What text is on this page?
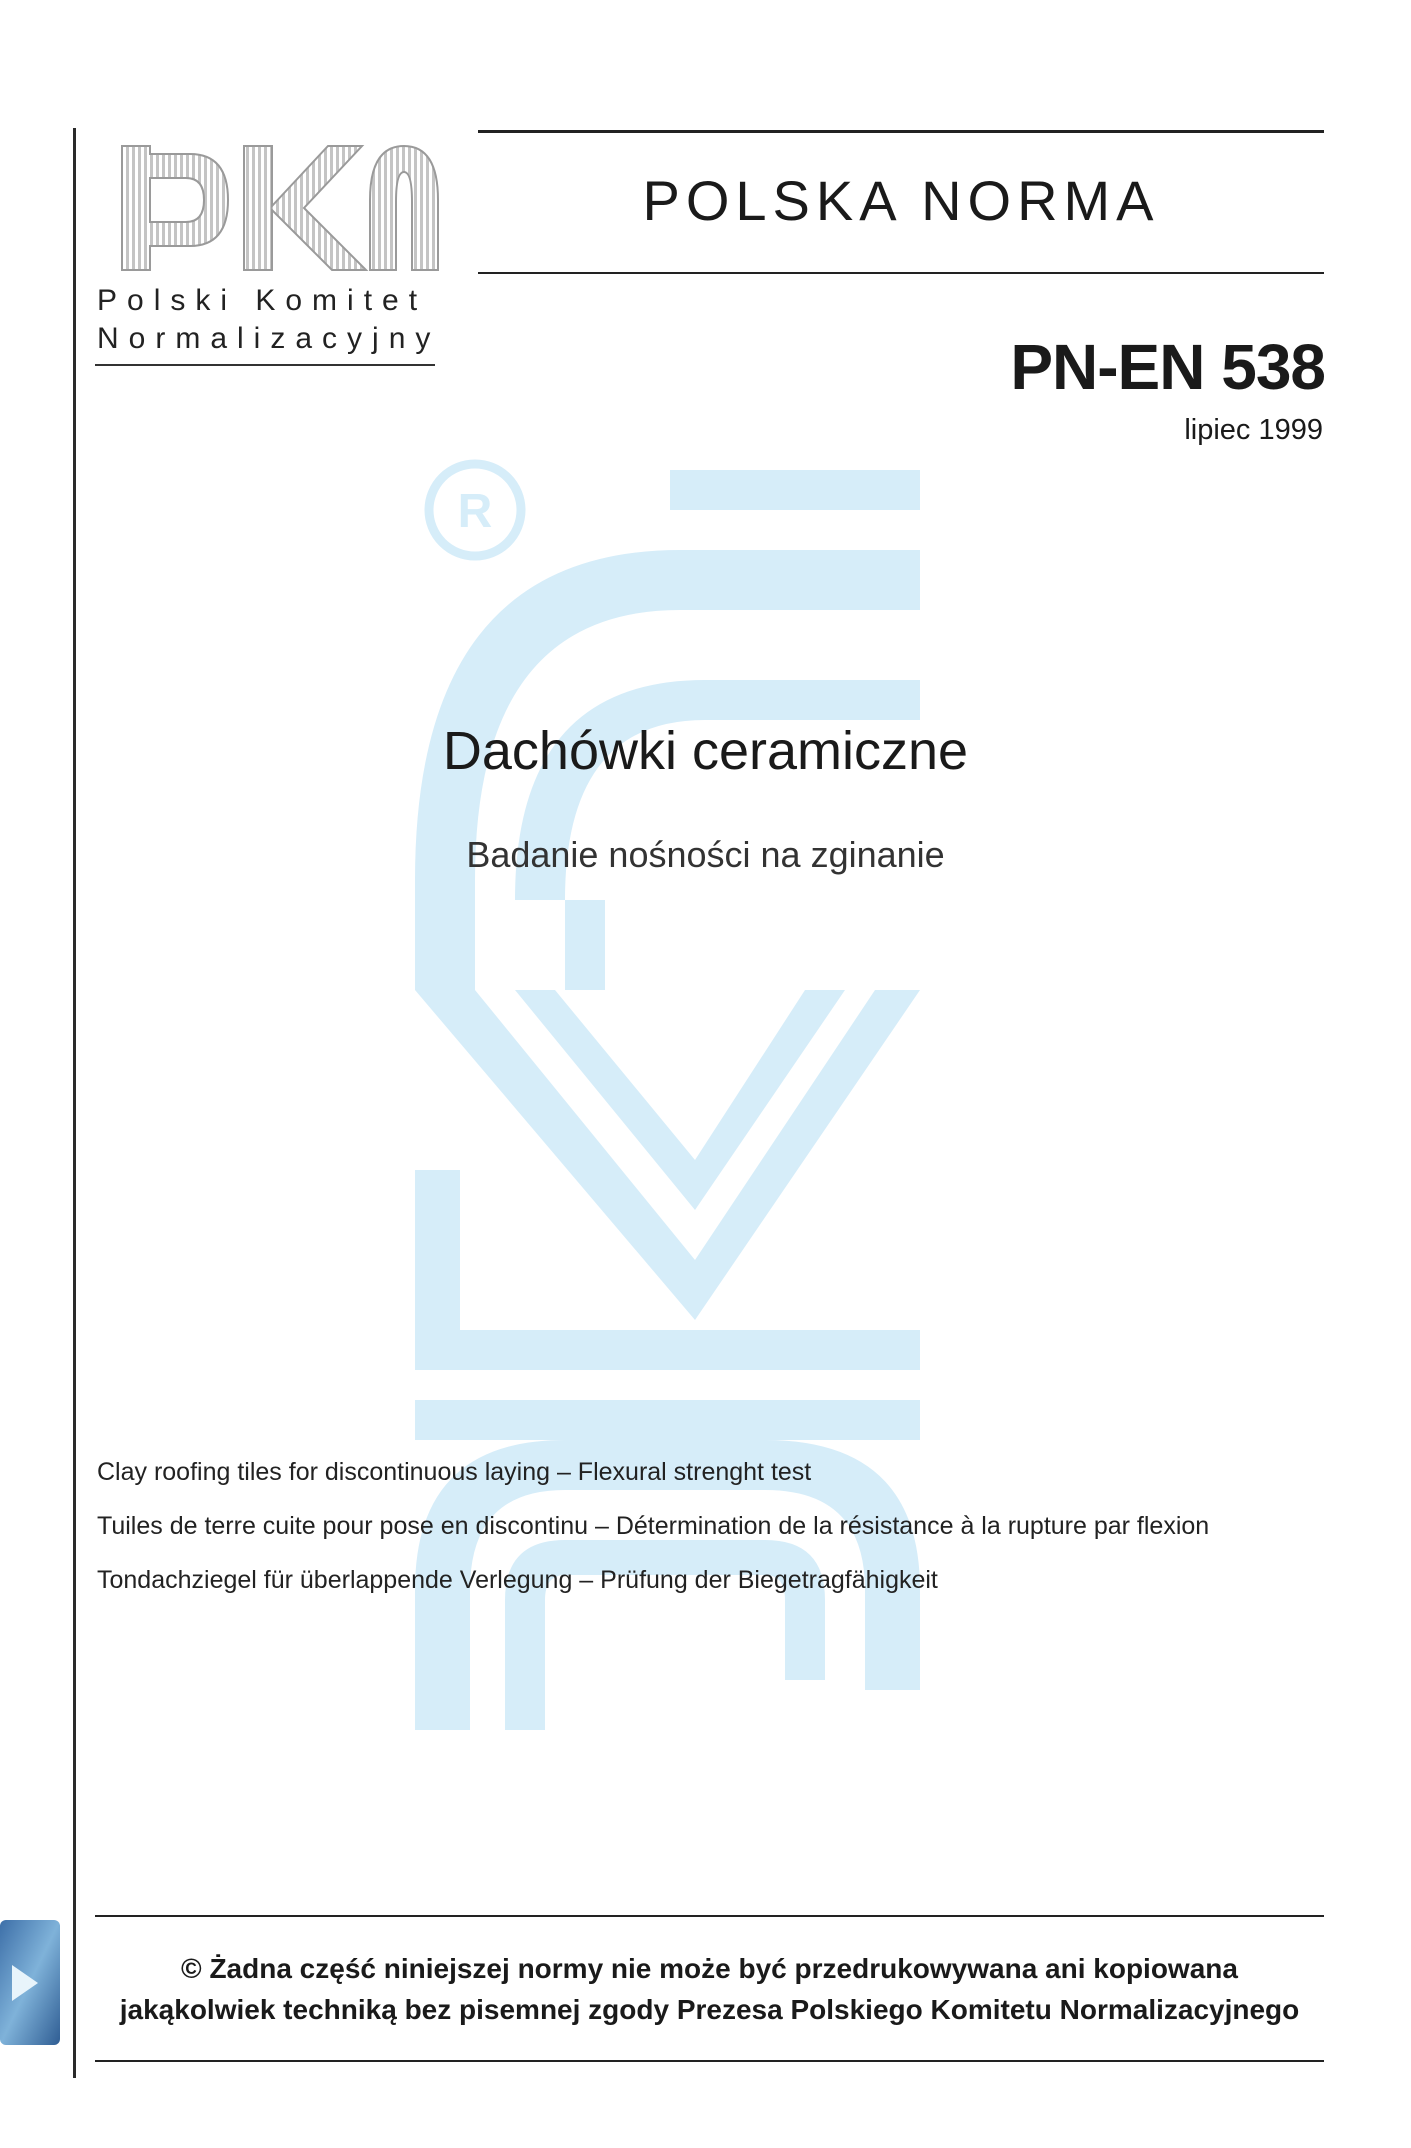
Polski Komitet
Normalizacyjny
POLSKA NORMA
PN-EN 538
lipiec 1999
R
Dachówki ceramiczne
Badanie nośności na zginanie
Clay roofing tiles for discontinuous laying – Flexural strenght test
Tuiles de terre cuite pour pose en discontinu – Détermination de la résistance à la rupture par flexion
Tondachziegel für überlappende Verlegung – Prüfung der Biegetragfähigkeit
© Żadna część niniejszej normy nie może być przedrukowywana ani kopiowana
jakąkolwiek techniką bez pisemnej zgody Prezesa Polskiego Komitetu Normalizacyjnego
